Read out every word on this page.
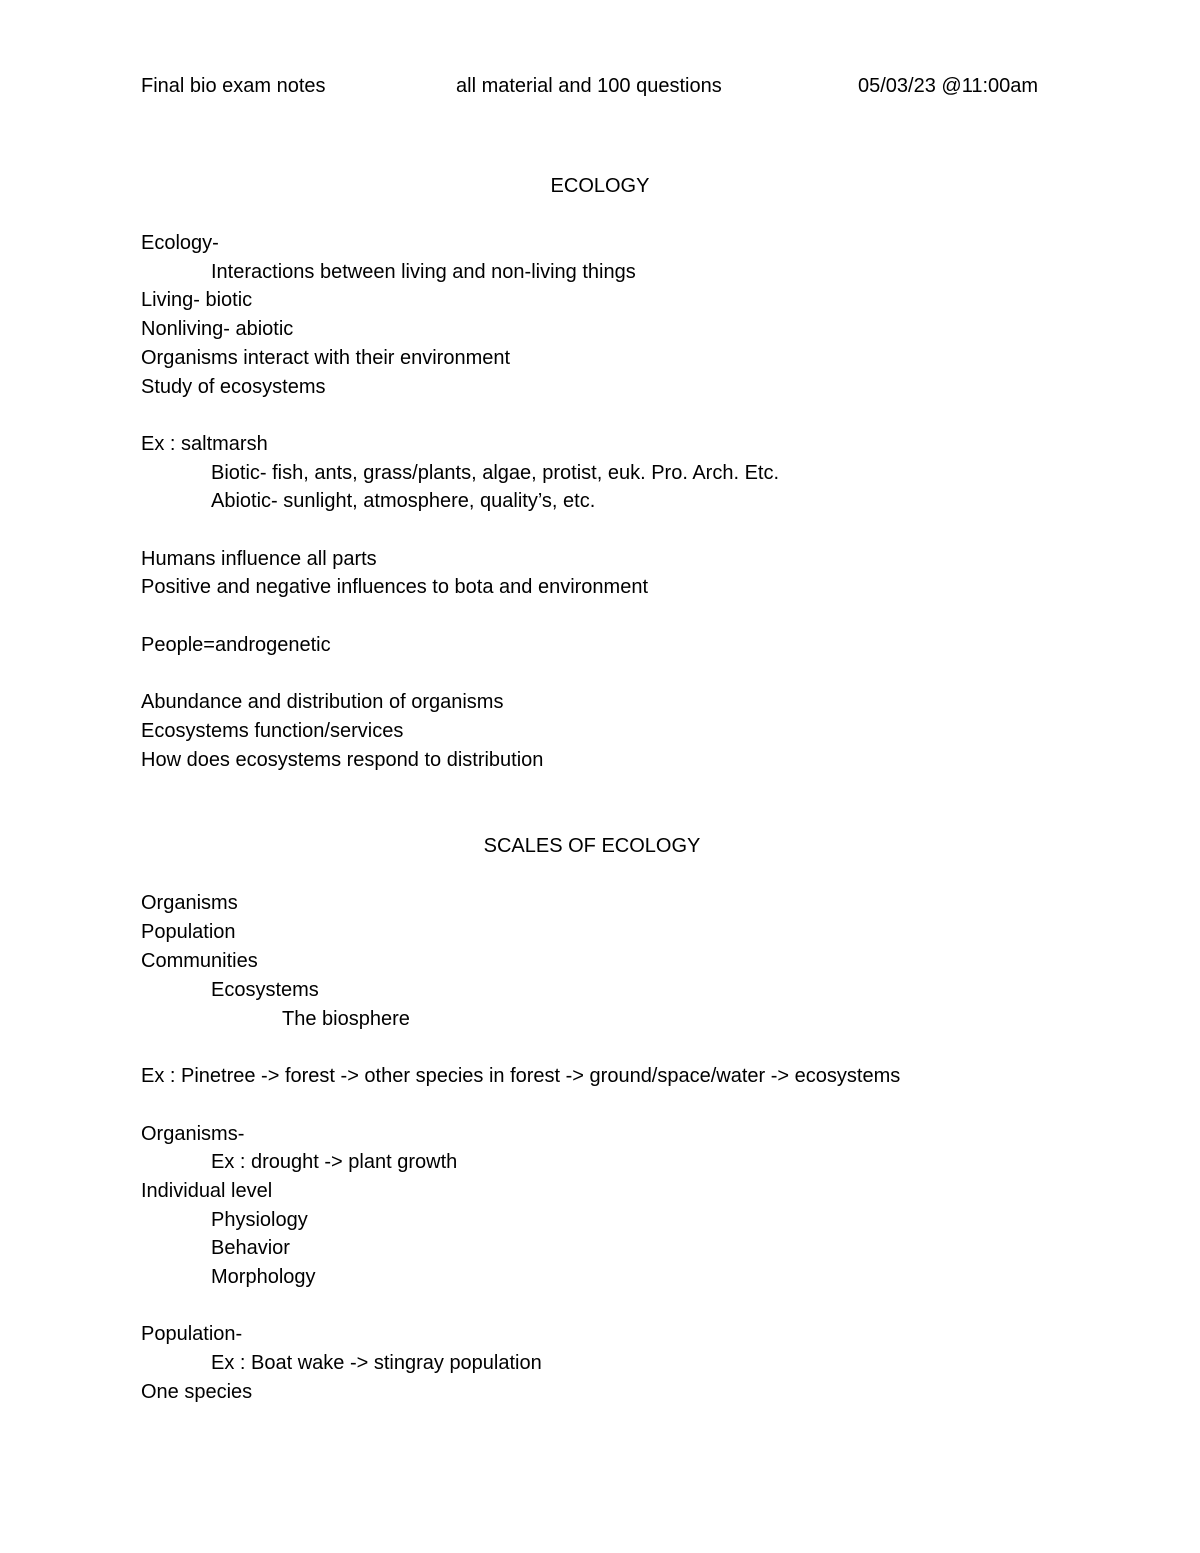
Final bio exam notes	all material and 100 questions	05/03/23 @11:00am
ECOLOGY
Ecology-
Interactions between living and non-living things
Living- biotic
Nonliving- abiotic
Organisms interact with their environment
Study of ecosystems
Ex : saltmarsh
Biotic- fish, ants, grass/plants, algae, protist, euk. Pro. Arch. Etc.
Abiotic- sunlight, atmosphere, quality’s, etc.
Humans influence all parts
Positive and negative influences to bota and environment
People=androgenetic
Abundance and distribution of organisms
Ecosystems function/services
How does ecosystems respond to distribution
SCALES OF ECOLOGY
Organisms
Population
Communities
Ecosystems
The biosphere
Ex : Pinetree -> forest -> other species in forest -> ground/space/water -> ecosystems
Organisms-
Ex : drought -> plant growth
Individual level
Physiology
Behavior
Morphology
Population-
Ex : Boat wake -> stingray population
One species
